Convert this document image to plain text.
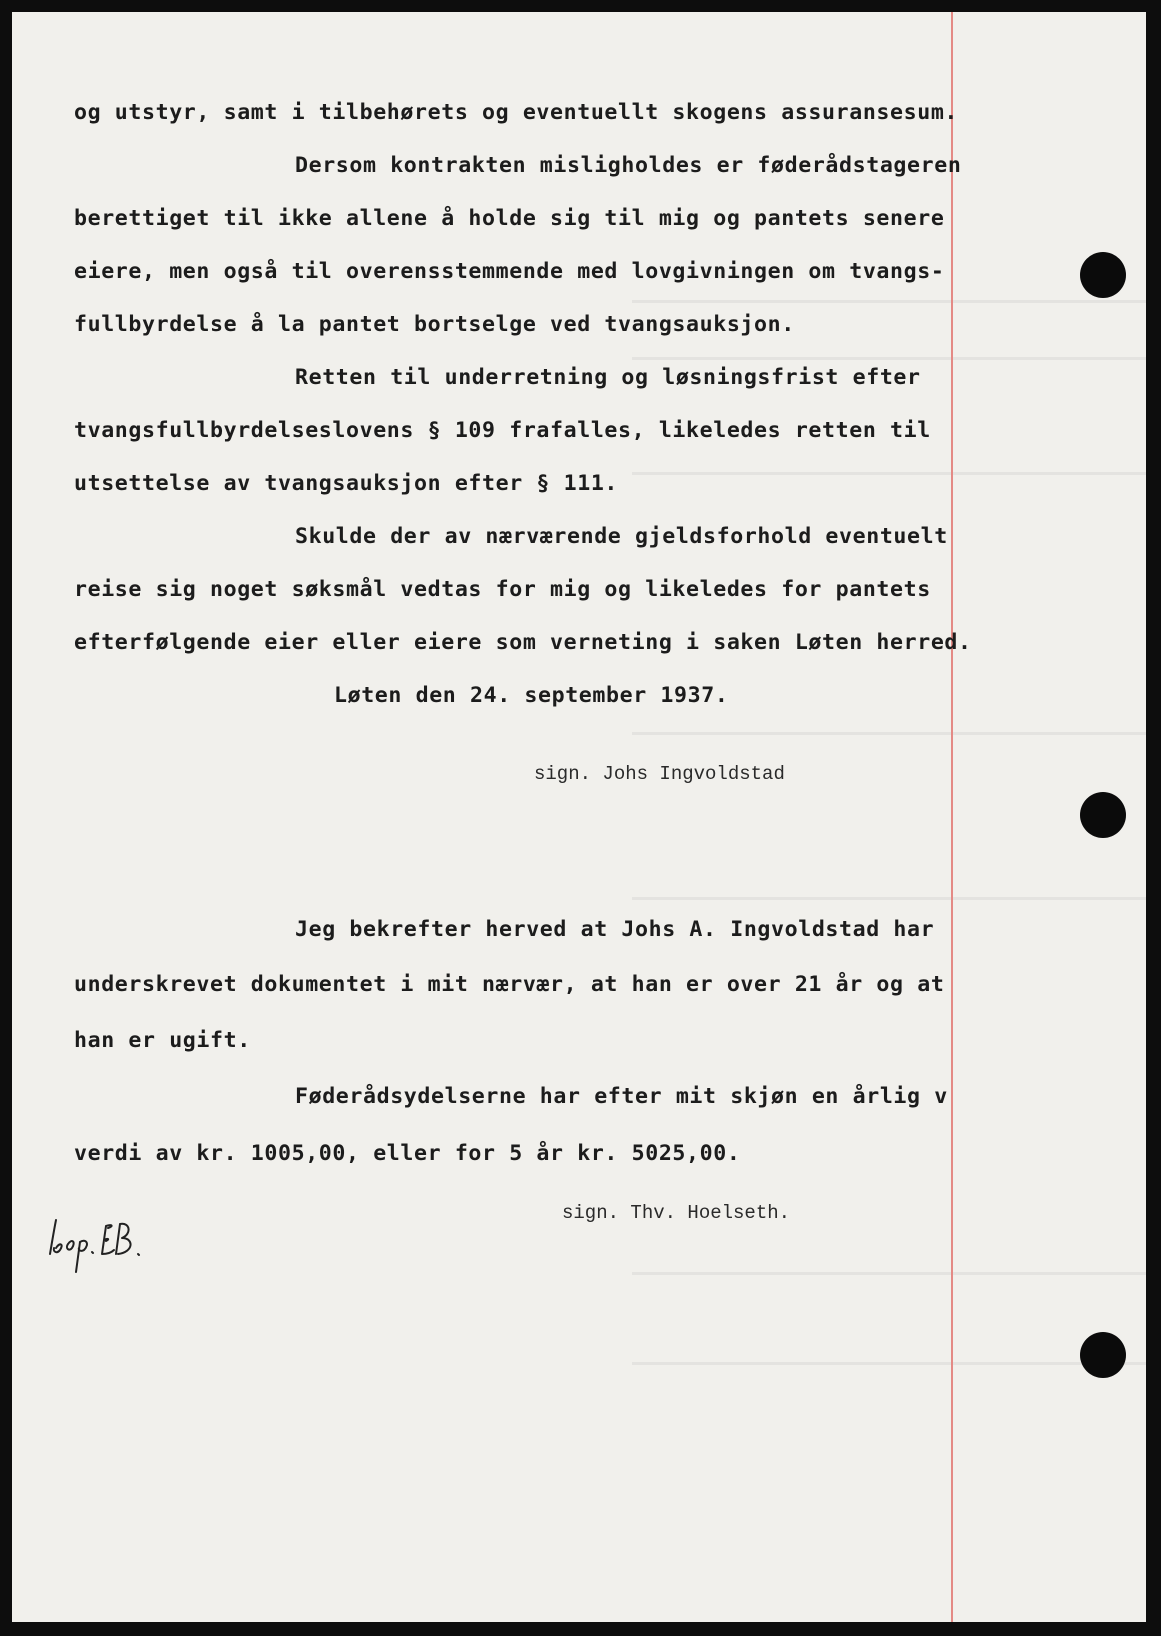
og utstyr, samt i tilbehørets og eventuellt skogens assuransesum.
Dersom kontrakten misligholdes er føderådstageren
berettiget til ikke allene å holde sig til mig og pantets senere
eiere, men også til overensstemmende med lovgivningen om tvangs-
fullbyrdelse å la pantet bortselge ved tvangsauksjon.
Retten til underretning og løsningsfrist efter
tvangsfullbyrdelseslovens § 109 frafalles, likeledes retten til
utsettelse av tvangsauksjon efter § 111.
Skulde der av nærværende gjeldsforhold eventuelt
reise sig noget søksmål vedtas for mig og likeledes for pantets
efterfølgende eier eller eiere som verneting i saken Løten herred.
Løten den 24. september 1937.
sign. Johs Ingvoldstad
Jeg bekrefter herved at Johs A. Ingvoldstad har
underskrevet dokumentet i mit nærvær, at han er over 21 år og at
han er ugift.
Føderådsydelserne har efter mit skjøn en årlig v
verdi av kr. 1005,00, eller for 5 år kr. 5025,00.
sign. Thv. Hoelseth.
